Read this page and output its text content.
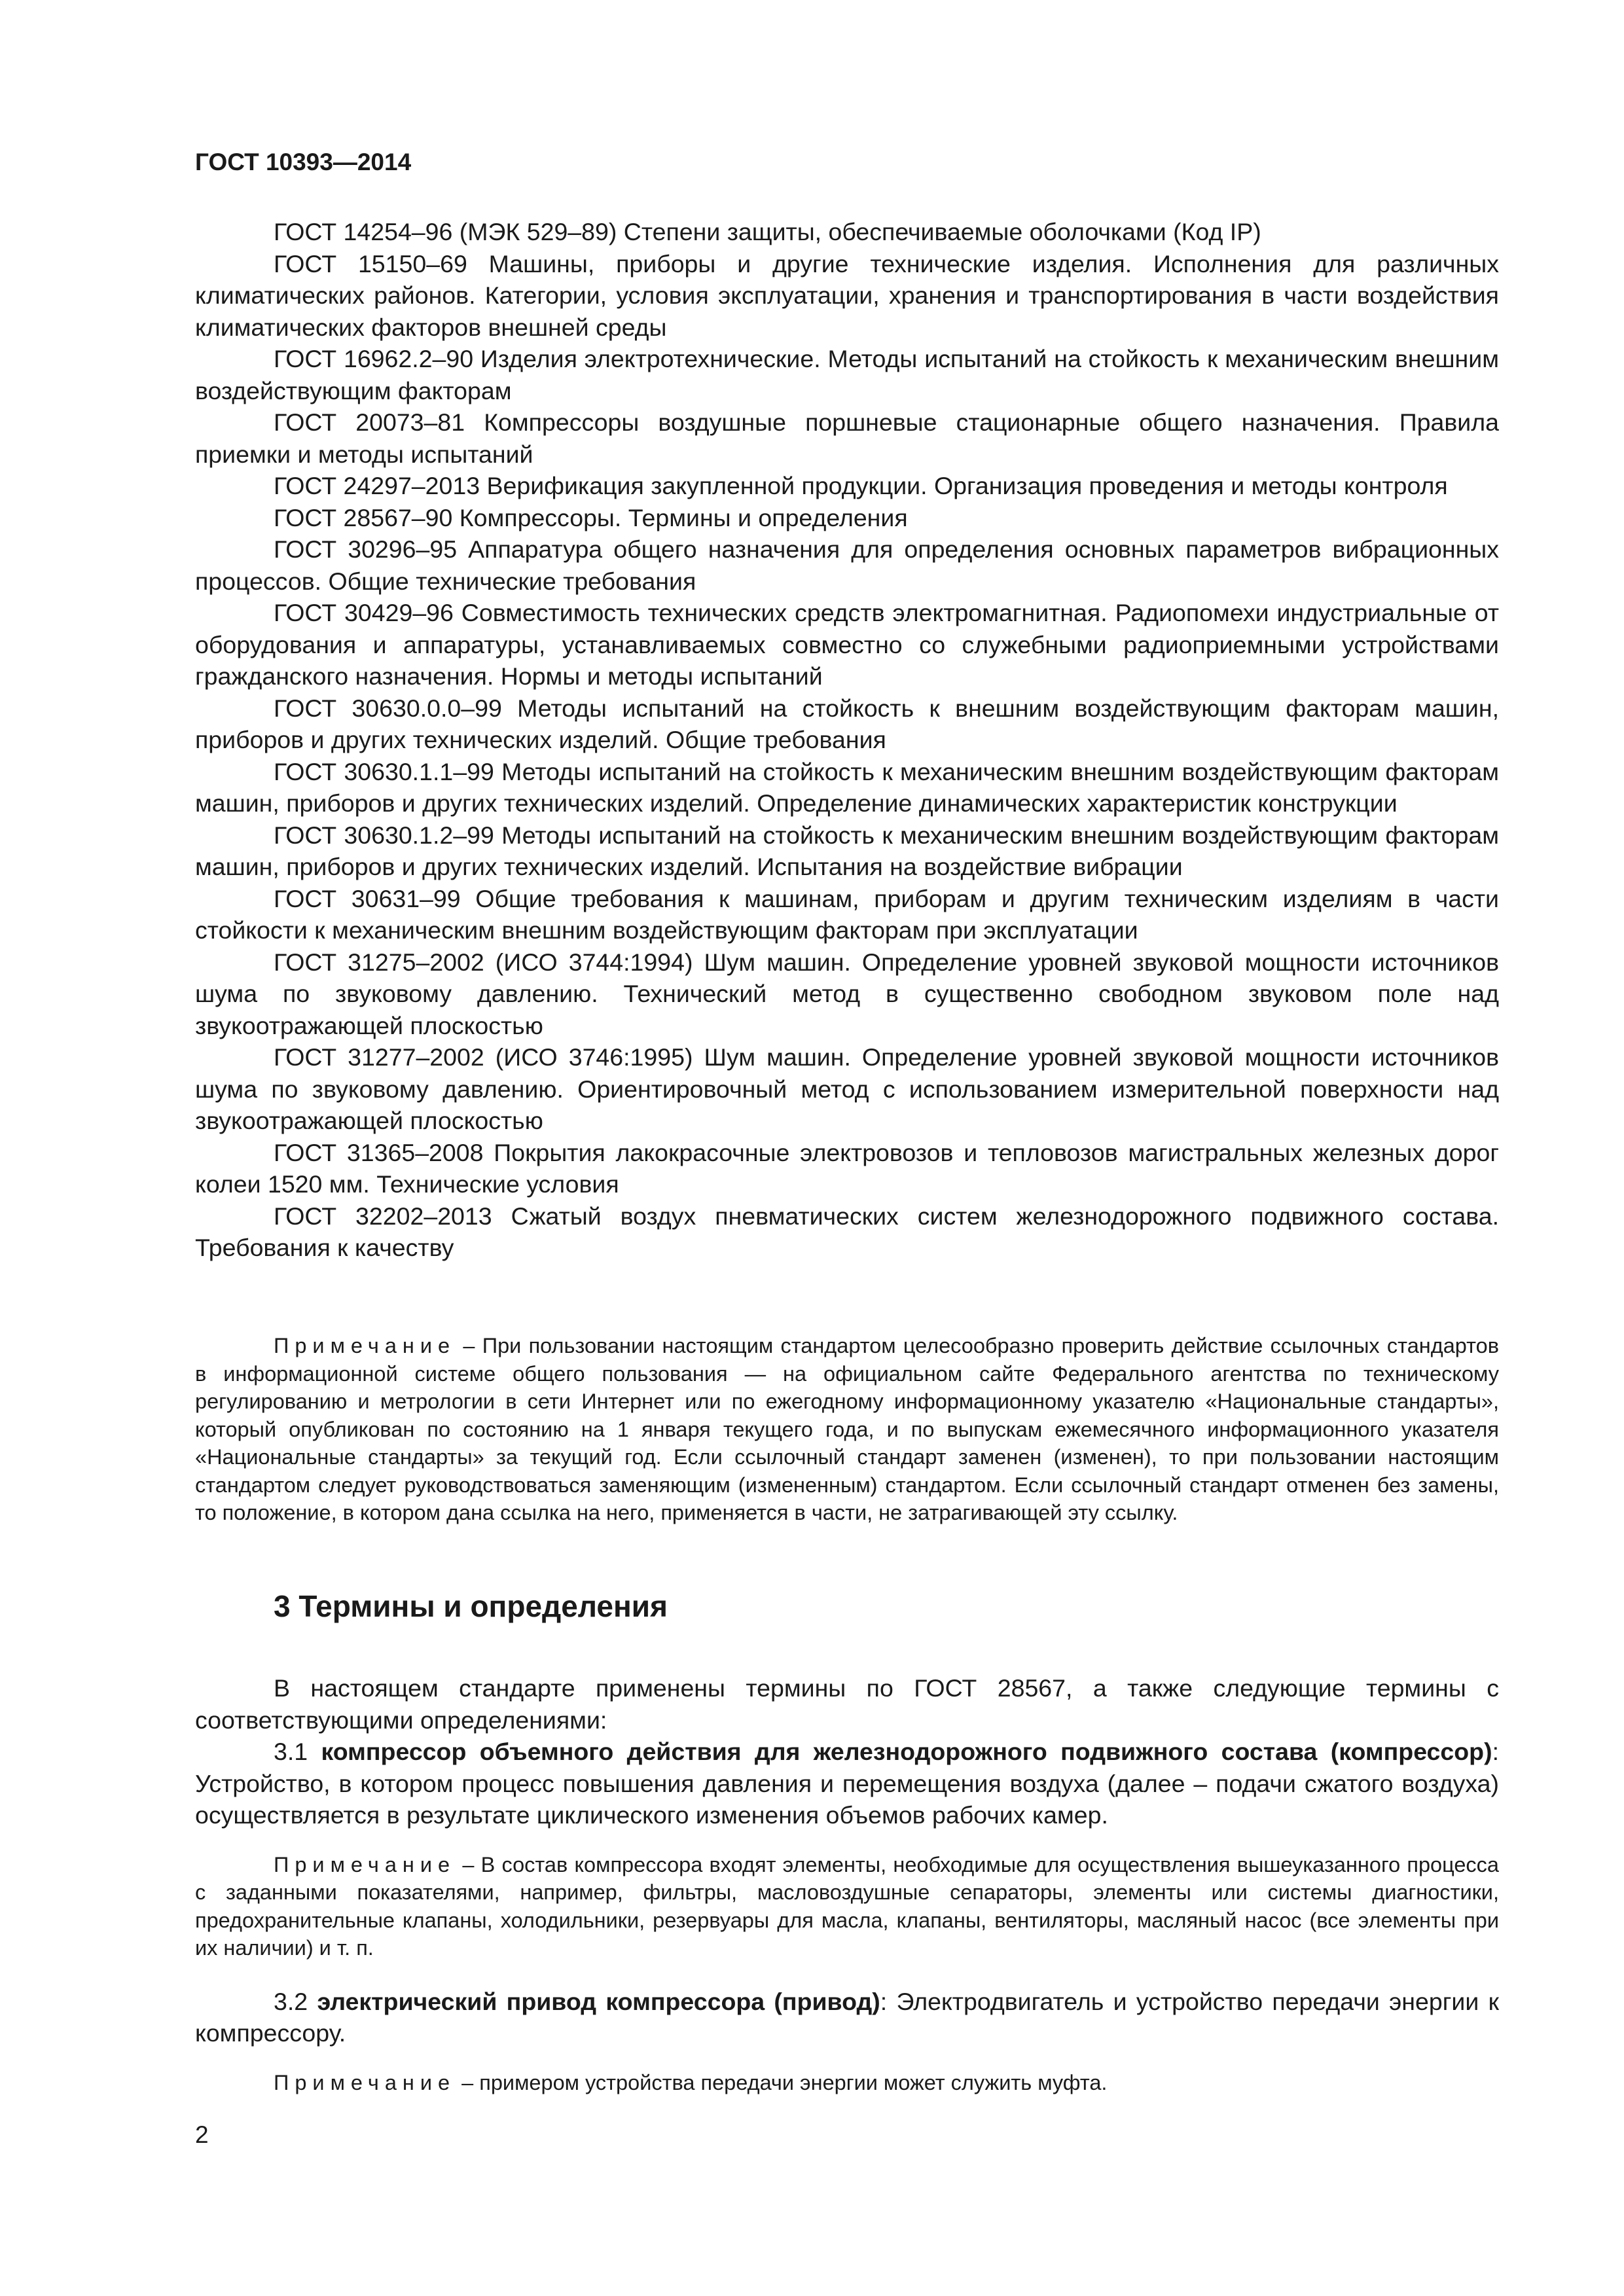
ГОСТ 10393—2014

ГОСТ 14254–96 (МЭК 529–89) Степени защиты, обеспечиваемые оболочками (Код IP)

ГОСТ 15150–69 Машины, приборы и другие технические изделия. Исполнения для различных климатических районов. Категории, условия эксплуатации, хранения и транспортирования в части воздействия климатических факторов внешней среды

ГОСТ 16962.2–90 Изделия электротехнические. Методы испытаний на стойкость к механическим внешним воздействующим факторам

ГОСТ 20073–81 Компрессоры воздушные поршневые стационарные общего назначения. Правила приемки и методы испытаний

ГОСТ 24297–2013 Верификация закупленной продукции. Организация проведения и методы контроля

ГОСТ 28567–90 Компрессоры. Термины и определения

ГОСТ 30296–95 Аппаратура общего назначения для определения основных параметров вибрационных процессов. Общие технические требования

ГОСТ 30429–96 Совместимость технических средств электромагнитная. Радиопомехи индустриальные от оборудования и аппаратуры, устанавливаемых совместно со служебными радиоприемными устройствами гражданского назначения. Нормы и методы испытаний

ГОСТ 30630.0.0–99 Методы испытаний на стойкость к внешним воздействующим факторам машин, приборов и других технических изделий. Общие требования

ГОСТ 30630.1.1–99 Методы испытаний на стойкость к механическим внешним воздействующим факторам машин, приборов и других технических изделий. Определение динамических характеристик конструкции

ГОСТ 30630.1.2–99 Методы испытаний на стойкость к механическим внешним воздействующим факторам машин, приборов и других технических изделий. Испытания на воздействие вибрации

ГОСТ 30631–99 Общие требования к машинам, приборам и другим техническим изделиям в части стойкости к механическим внешним воздействующим факторам при эксплуатации

ГОСТ 31275–2002 (ИСО 3744:1994) Шум машин. Определение уровней звуковой мощности источников шума по звуковому давлению. Технический метод в существенно свободном звуковом поле над звукоотражающей плоскостью

ГОСТ 31277–2002 (ИСО 3746:1995) Шум машин. Определение уровней звуковой мощности источников шума по звуковому давлению. Ориентировочный метод с использованием измерительной поверхности над звукоотражающей плоскостью

ГОСТ 31365–2008 Покрытия лакокрасочные электровозов и тепловозов магистральных железных дорог колеи 1520 мм. Технические условия

ГОСТ 32202–2013 Сжатый воздух пневматических систем железнодорожного подвижного состава. Требования к качеству

Примечание – При пользовании настоящим стандартом целесообразно проверить действие ссылочных стандартов в информационной системе общего пользования — на официальном сайте Федерального агентства по техническому регулированию и метрологии в сети Интернет или по ежегодному информационному указателю «Национальные стандарты», который опубликован по состоянию на 1 января текущего года, и по выпускам ежемесячного информационного указателя «Национальные стандарты» за текущий год. Если ссылочный стандарт заменен (изменен), то при пользовании настоящим стандартом следует руководствоваться заменяющим (измененным) стандартом. Если ссылочный стандарт отменен без замены, то положение, в котором дана ссылка на него, применяется в части, не затрагивающей эту ссылку.

3 Термины и определения

В настоящем стандарте применены термины по ГОСТ 28567, а также следующие термины с соответствующими определениями:

3.1 компрессор объемного действия для железнодорожного подвижного состава (компрессор): Устройство, в котором процесс повышения давления и перемещения воздуха (далее – подачи сжатого воздуха) осуществляется в результате циклического изменения объемов рабочих камер.

Примечание – В состав компрессора входят элементы, необходимые для осуществления вышеуказанного процесса с заданными показателями, например, фильтры, масловоздушные сепараторы, элементы или системы диагностики, предохранительные клапаны, холодильники, резервуары для масла, клапаны, вентиляторы, масляный насос (все элементы при их наличии) и т. п.

3.2 электрический привод компрессора (привод): Электродвигатель и устройство передачи энергии к компрессору.

Примечание – примером устройства передачи энергии может служить муфта.

2
